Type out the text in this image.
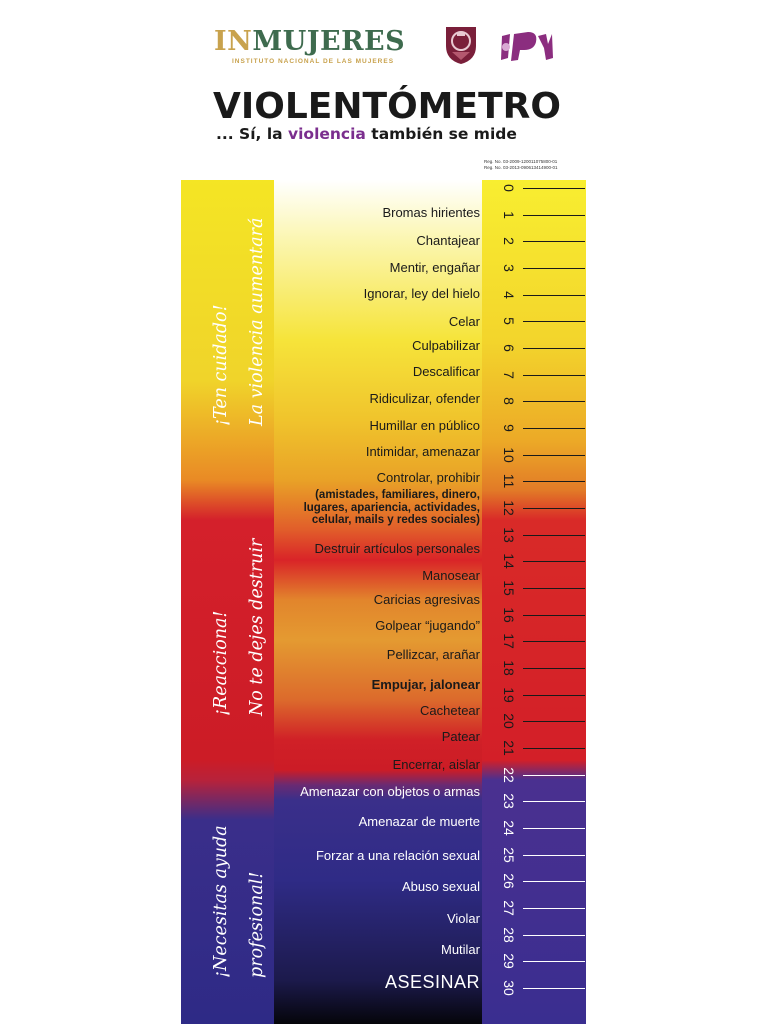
INMUJERES
INSTITUTO NACIONAL DE LAS MUJERES
VIOLENTÓMETRO
... Sí, la violencia también se mide
Reg. No. 03-2009-120011075800-01
Reg. No. 03-2013-090613414900-01
¡Ten cuidado! La violencia aumentará
¡Reacciona! No te dejes destruir
¡Necesitas ayuda profesional!
Bromas hirientes
Chantajear
Mentir, engañar
Ignorar, ley del hielo
Celar
Culpabilizar
Descalificar
Ridiculizar, ofender
Humillar en público
Intimidar, amenazar
Controlar, prohibir
(amistades, familiares, dinero, lugares, apariencia, actividades, celular, mails y redes sociales)
Destruir artículos personales
Manosear
Caricias agresivas
Golpear “jugando”
Pellizcar, arañar
Empujar, jalonear
Cachetear
Patear
Encerrar, aislar
Amenazar con objetos o armas
Amenazar de muerte
Forzar a una relación sexual
Abuso sexual
Violar
Mutilar
ASESINAR
0
1
2
3
4
5
6
7
8
9
10
11
12
13
14
15
16
17
18
19
20
21
22
23
24
25
26
27
28
29
30
